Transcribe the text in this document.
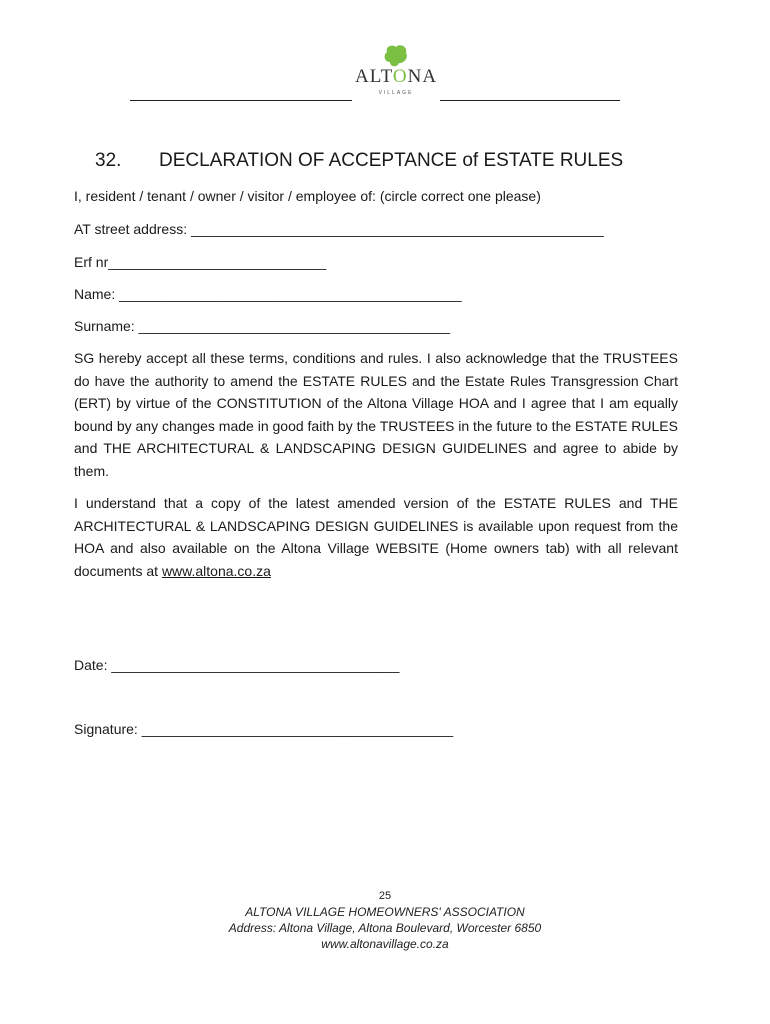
ALTONA
VILLAGE
32. DECLARATION OF ACCEPTANCE of ESTATE RULES
I, resident / tenant / owner / visitor / employee of: (circle correct one please)
AT street address: _____________________________________________________
Erf nr____________________________
Name: ____________________________________________
Surname: ________________________________________
SG hereby accept all these terms, conditions and rules. I also acknowledge that the TRUSTEES do have the authority to amend the ESTATE RULES and the Estate Rules Transgression Chart (ERT) by virtue of the CONSTITUTION of the Altona Village HOA and I agree that I am equally bound by any changes made in good faith by the TRUSTEES in the future to the ESTATE RULES and THE ARCHITECTURAL & LANDSCAPING DESIGN GUIDELINES and agree to abide by them.
I understand that a copy of the latest amended version of the ESTATE RULES and THE ARCHITECTURAL & LANDSCAPING DESIGN GUIDELINES is available upon request from the HOA and also available on the Altona Village WEBSITE (Home owners tab) with all relevant documents at www.altona.co.za
Date: _____________________________________
Signature: ________________________________________
25
ALTONA VILLAGE HOMEOWNERS' ASSOCIATION
Address: Altona Village, Altona Boulevard, Worcester 6850
www.altonavillage.co.za
